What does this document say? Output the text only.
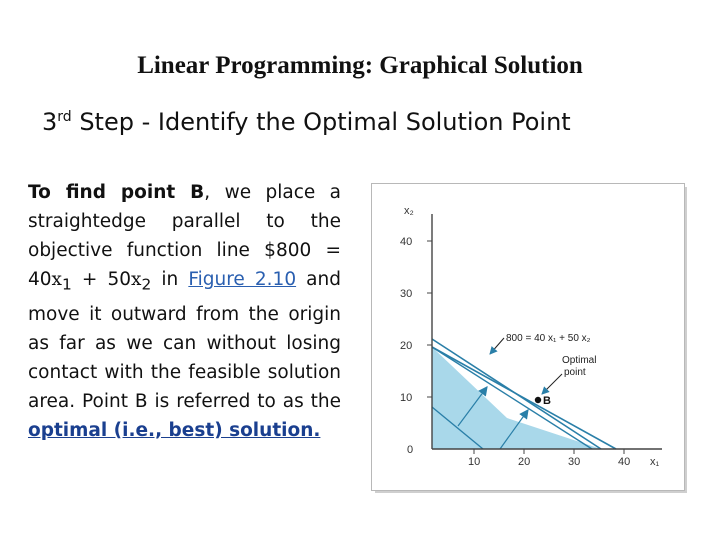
Linear Programming: Graphical Solution
3rd Step - Identify the Optimal Solution Point
To find point B, we place a straightedge parallel to the objective function line $800 = $40x_1 + 50x_2$ in Figure 2.10 and move it outward from the origin as far as we can without losing contact with the feasible solution area. Point B is referred to as the optimal (i.e., best) solution.
x₂
x₁
40
30
20
10
0
10	20	30	40
800 = 40 x₁ + 50 x₂
Optimal
point
B
